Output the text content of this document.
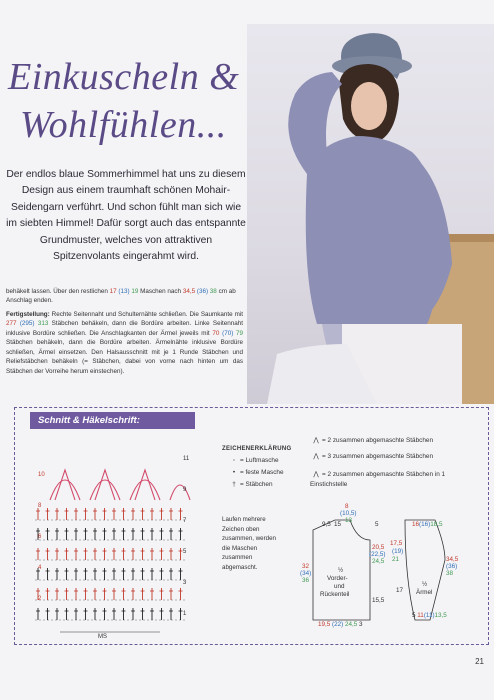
Einkuscheln &
Wohlfühlen...
Der endlos blaue Sommerhimmel hat uns zu diesem Design aus einem traumhaft schönen Mohair-Seidengarn verführt. Und schon fühlt man sich wie im siebten Himmel! Dafür sorgt auch das entspannte Grundmuster, welches von attraktiven Spitzenvolants eingerahmt wird.
behäkelt lassen. Über den restlichen 17 (13) 19 Maschen nach 34,5 (36) 38 cm ab Anschlag enden.
Fertigstellung: Rechte Seitennaht und Schulternähte schließen. Die Saumkante mit 277 (295) 313 Stäbchen behäkeln, dann die Bordüre arbeiten. Linke Seitennaht inklusive Bordüre schließen. Die Anschlagkanten der Ärmel jeweils mit 70 (70) 79 Stäbchen behäkeln, dann die Bordüre arbeiten. Ärmelnähte inklusive Bordüre schließen, Ärmel einsetzen. Den Halsausschnitt mit je 1 Runde Stäbchen und Reliefstäbchen behäkeln (= Stäbchen, dabei von vorne nach hinten um das Stäbchen der Vorreihe herum einstechen).
Schnitt & Häkelschrift:
MS
11
10
9
8
7
6
5
4
3
2
1
ZEICHENERKLÄRUNG
◦ = Luftmasche
• = feste Masche
† = Stäbchen
⋀ = 2 zusammen abgemaschte Stäbchen
⋀ = 3 zusammen abgemaschte Stäbchen
⋀ = 2 zusammen abgemaschte Stäbchen in 1 Einstichstelle
Laufen mehrere Zeichen oben zusammen, werden die Maschen zusammen abgemascht.
9,5 15
8
(10,5)
13
5
20,5
(22,5)
24,5
32
(34)
36
15,5
½
Vorder-
und
Rückenteil
19,5 (22) 24,5 3
16(16)18,5
17,5
(19)
21
17
34,5
(36)
38
½
Ärmel
5 11(11)13,5
21
